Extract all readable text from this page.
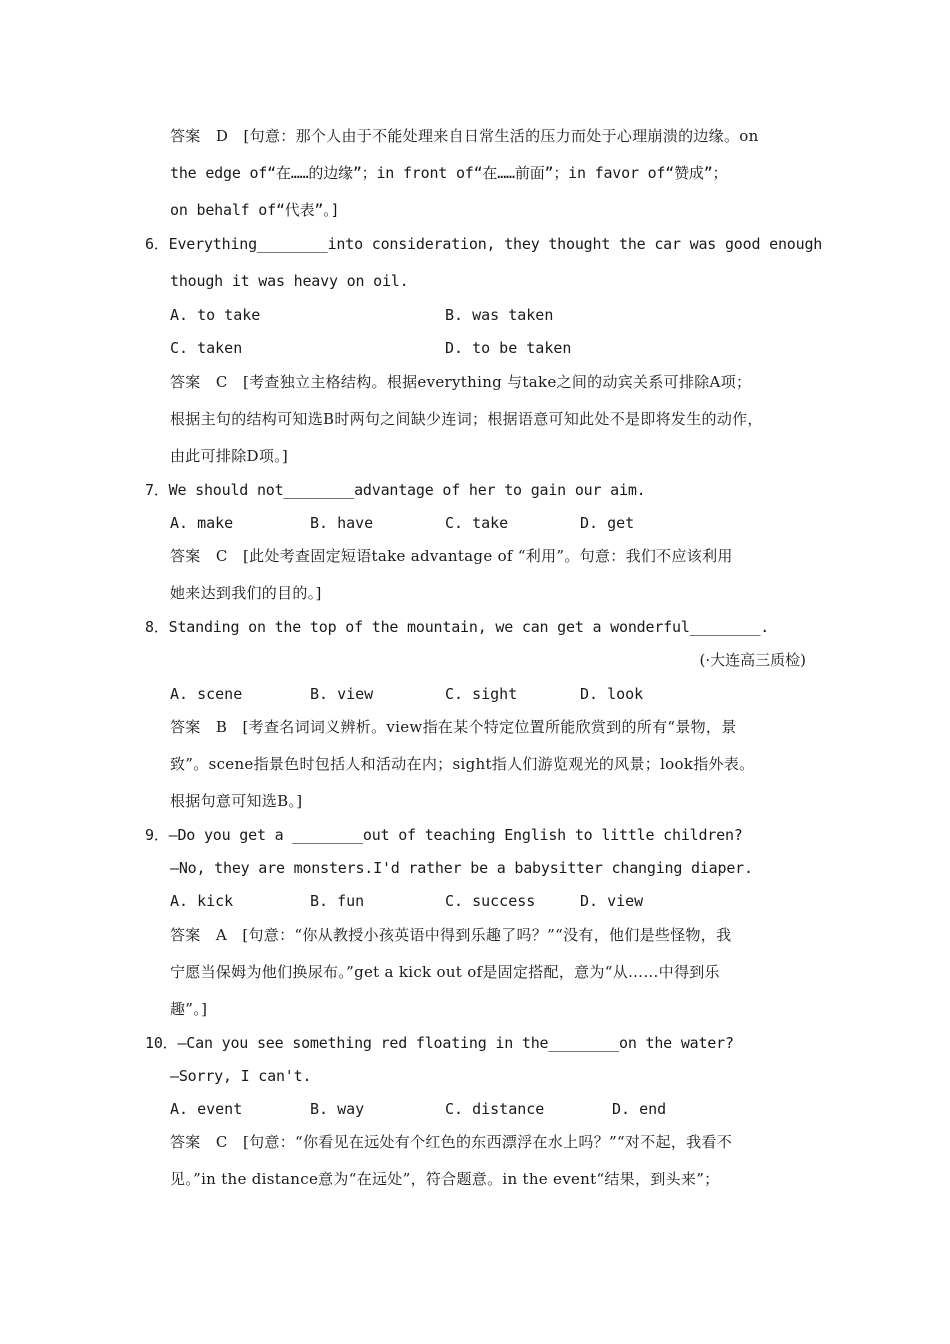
答案　D　[句意：那个人由于不能处理来自日常生活的压力而处于心理崩溃的边缘。on
the edge of“在……的边缘”；in front of“在……前面”；in favor of“赞成”；
on behalf of“代表”。]
6．Everything________into consideration, they thought the car was good enough
though it was heavy on oil.
A. to take	B. was taken
C. taken	D. to be taken
答案　C　[考查独立主格结构。根据everything 与take之间的动宾关系可排除A项；
根据主句的结构可知选B时两句之间缺少连词；根据语意可知此处不是即将发生的动作，
由此可排除D项。]
7．We should not________advantage of her to gain our aim.
A. make	B. have	C. take	D. get
答案　C　[此处考查固定短语take advantage of “利用”。句意：我们不应该利用
她来达到我们的目的。]
8．Standing on the top of the mountain, we can get a wonderful________.
(·大连高三质检)
A. scene	B. view	C. sight	D. look
答案　B　[考查名词词义辨析。view指在某个特定位置所能欣赏到的所有“景物，景
致”。scene指景色时包括人和活动在内；sight指人们游览观光的风景；look指外表。
根据句意可知选B。]
9．—Do you get a ________out of teaching English to little children?
—No, they are monsters.I'd rather be a babysitter changing diaper.
A. kick	B. fun	C. success	D. view
答案　A　[句意：“你从教授小孩英语中得到乐趣了吗？”“没有，他们是些怪物，我
宁愿当保姆为他们换尿布。”get a kick out of是固定搭配，意为“从……中得到乐
趣”。]
10．—Can you see something red floating in the________on the water?
—Sorry, I can't.
A. event	B. way	C. distance	D. end
答案　C　[句意：“你看见在远处有个红色的东西漂浮在水上吗？”“对不起，我看不
见。”in the distance意为“在远处”，符合题意。in the event“结果，到头来”；
